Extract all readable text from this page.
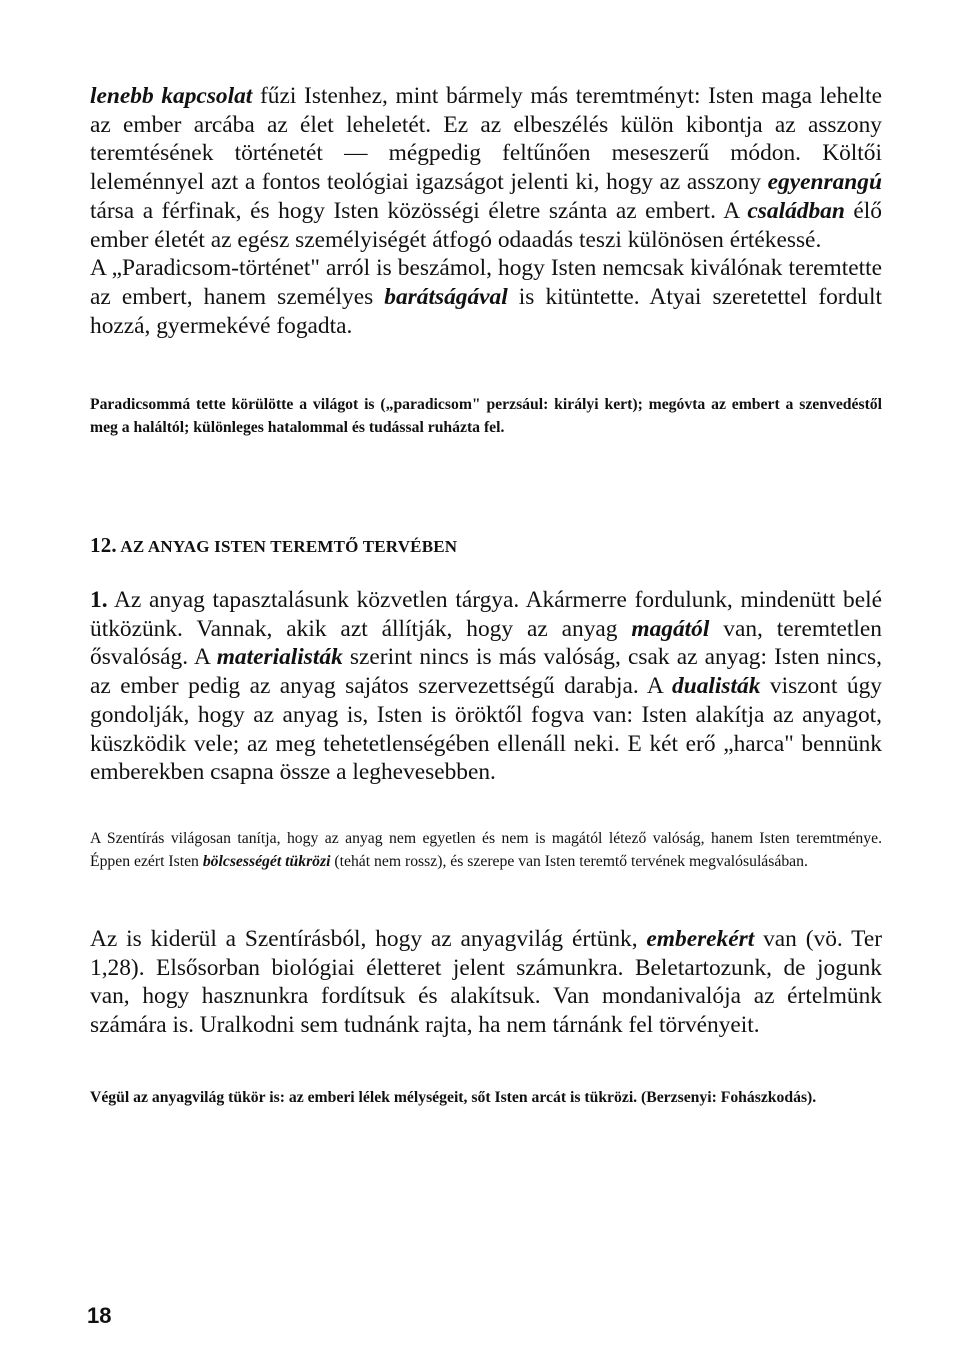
lenebb kapcsolat fűzi Istenhez, mint bármely más teremtményt: Isten maga lehelte az ember arcába az élet leheletét. Ez az elbeszélés külön kibontja az asszony teremtésének történetét — mégpedig feltűnően meseszerű módon. Költői leleménnyel azt a fontos teológiai igazságot jelenti ki, hogy az asszony egyenrangú társa a férfinak, és hogy Isten közösségi életre szánta az embert. A családban élő ember életét az egész személyiségét átfogó odaadás teszi különösen értékessé.

A „Paradicsom-történet" arról is beszámol, hogy Isten nemcsak kiválónak teremtette az embert, hanem személyes barátságával is kitüntette. Atyai szeretettel fordult hozzá, gyermekévé fogadta.

Paradicsommá tette körülötte a világot is („paradicsom" perzsául: királyi kert); megóvta az embert a szenvedéstől meg a haláltól; különleges hatalommal és tudással ruházta fel.

12. AZ ANYAG ISTEN TEREMTŐ TERVÉBEN

1. Az anyag tapasztalásunk közvetlen tárgya. Akármerre fordulunk, mindenütt belé ütközünk. Vannak, akik azt állítják, hogy az anyag magától van, teremtetlen ősvalóság. A materialisták szerint nincs is más valóság, csak az anyag: Isten nincs, az ember pedig az anyag sajátos szervezettségű darabja. A dualisták viszont úgy gondolják, hogy az anyag is, Isten is öröktől fogva van: Isten alakítja az anyagot, küszködik vele; az meg tehetetlenségében ellenáll neki. E két erő „harca" bennünk emberekben csapna össze a leghevesebben.

A Szentírás világosan tanítja, hogy az anyag nem egyetlen és nem is magától létező valóság, hanem Isten teremtménye. Éppen ezért Isten bölcsességét tükrözi (tehát nem rossz), és szerepe van Isten teremtő tervének megvalósulásában.

Az is kiderül a Szentírásból, hogy az anyagvilág értünk, emberekért van (vö. Ter 1,28). Elsősorban biológiai életteret jelent számunkra. Beletartozunk, de jogunk van, hogy hasznunkra fordítsuk és alakítsuk. Van mondanivalója az értelmünk számára is. Uralkodni sem tudnánk rajta, ha nem tárnánk fel törvényeit.

Végül az anyagvilág tükör is: az emberi lélek mélységeit, sőt Isten arcát is tükrözi. (Berzsenyi: Fohászkodás).

18
